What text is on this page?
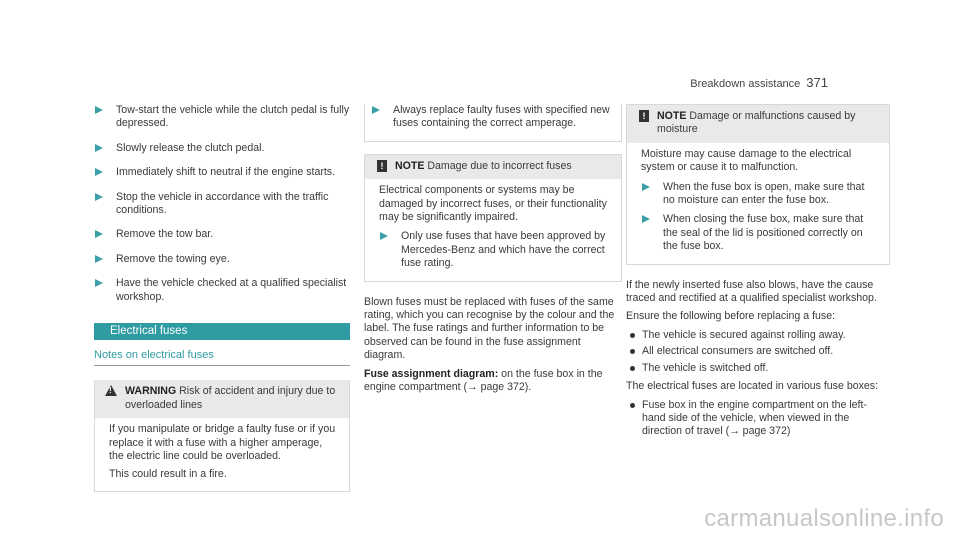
Breakdown assistance 371
Tow-start the vehicle while the clutch pedal is fully depressed.
Slowly release the clutch pedal.
Immediately shift to neutral if the engine starts.
Stop the vehicle in accordance with the traffic conditions.
Remove the tow bar.
Remove the towing eye.
Have the vehicle checked at a qualified specialist workshop.
Electrical fuses
Notes on electrical fuses
!
WARNING Risk of accident and injury due to overloaded lines

If you manipulate or bridge a faulty fuse or if you replace it with a fuse with a higher amperage, the electric line could be overloaded.

This could result in a fire.

Always replace faulty fuses with specified new fuses containing the correct amperage.
!	NOTE Damage due to incorrect fuses

Electrical components or systems may be damaged by incorrect fuses, or their functionality may be significantly impaired.

Only use fuses that have been approved by Mercedes-Benz and which have the correct fuse rating.

Blown fuses must be replaced with fuses of the same rating, which you can recognise by the colour and the label. The fuse ratings and further information to be observed can be found in the fuse assignment diagram.

Fuse assignment diagram: on the fuse box in the engine compartment (→ page 372).

!	NOTE Damage or malfunctions caused by moisture

Moisture may cause damage to the electrical system or cause it to malfunction.

When the fuse box is open, make sure that no moisture can enter the fuse box.
When closing the fuse box, make sure that the seal of the lid is positioned correctly on the fuse box.

If the newly inserted fuse also blows, have the cause traced and rectified at a qualified specialist workshop.

Ensure the following before replacing a fuse:

The vehicle is secured against rolling away.
All electrical consumers are switched off.
The vehicle is switched off.

The electrical fuses are located in various fuse boxes:

Fuse box in the engine compartment on the left-hand side of the vehicle, when viewed in the direction of travel (→ page 372)
carmanualsonline.info
